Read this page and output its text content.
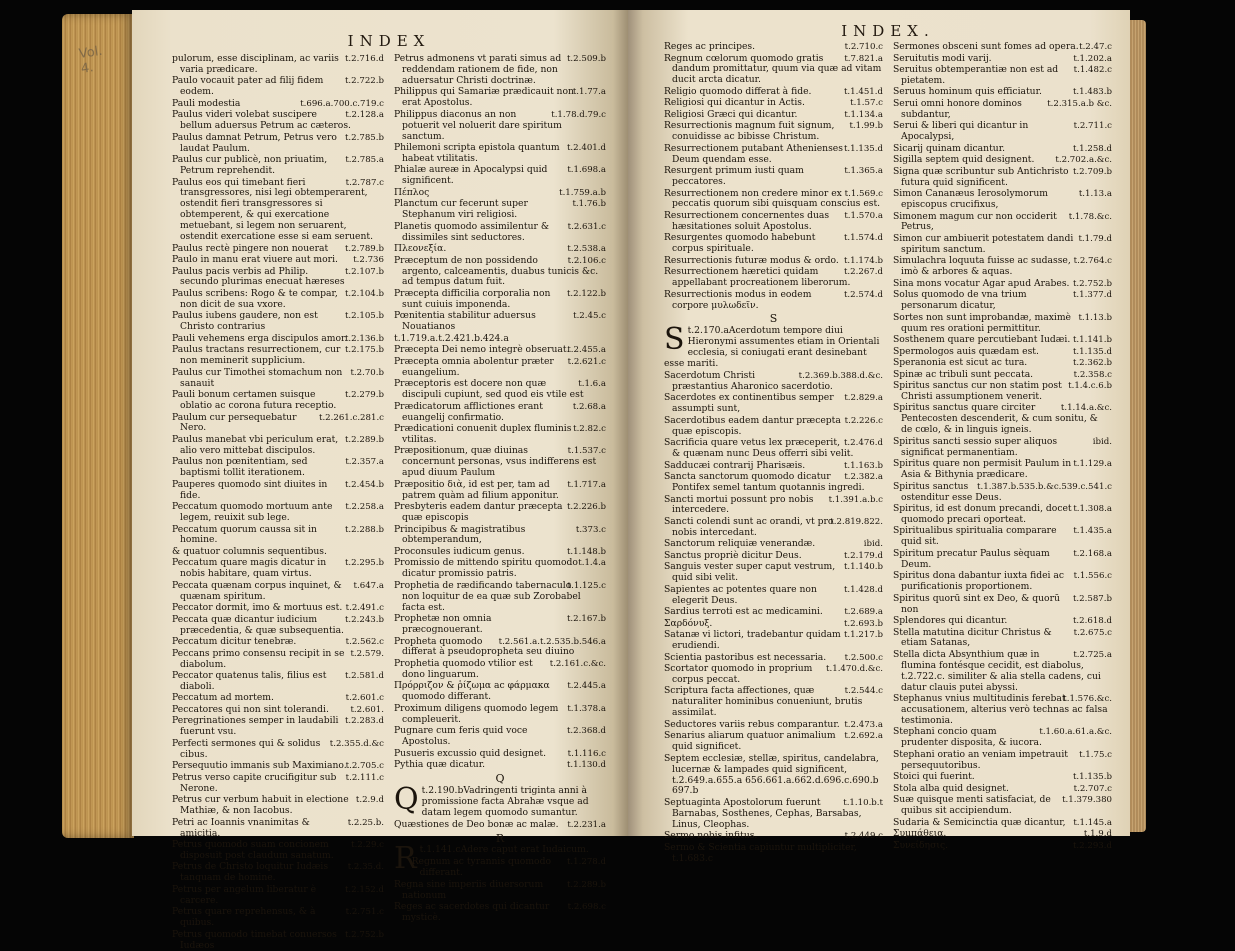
Vol. 4.
INDEX
t.2.716.d
pulorum, esse disciplinam, ac variis varia prædicare.
t.2.722.b
Paulo vocauit pater ad filij fidem eodem.
t.696.a.700.c.719.c
Pauli modestia
t.2.128.a
Paulus videri volebat suscipere bellum aduersus Petrum ac cæteros.
t.2.785.b
Paulus damnat Petrum, Petrus vero laudat Paulum.
t.2.785.a
Paulus cur publicè, non priuatim, Petrum reprehendit.
t.2.787.c
Paulus eos qui timebant fieri transgressores, nisi legi obtemperarent, ostendit fieri transgressores si obtemperent, & qui exercatione metuebant, si legem non seruarent, ostendit exercatione esse si eam seruent.
t.2.789.b
Paulus rectè pingere non nouerat
t.2.736
Paulo in manu erat viuere aut mori.
t.2.107.b
Paulus pacis verbis ad Philip. secundo plurimas enecuat hæreses
t.2.104.b
Paulus scribens: Rogo & te compar, non dicit de sua vxore.
t.2.105.b
Paulus iubens gaudere, non est Christo contrarius
t.2.136.b
Pauli vehemens erga discipulos amor.
t.2.175.b
Paulus tractans resurrectionem, cur non meminerit supplicium.
t.2.70.b
Paulus cur Timothei stomachum non sanauit
t.2.279.b
Pauli bonum certamen suisque oblatio ac corona futura receptio.
t.2.261.c.281.c
Paulum cur persequebatur Nero.
t.2.289.b
Paulus manebat vbi periculum erat, alio vero mittebat discipulos.
t.2.357.a
Paulus non pœnitentiam, sed baptismi tollit iterationem.
t.2.454.b
Pauperes quomodo sint diuites in fide.
t.2.258.a
Peccatum quomodo mortuum ante legem, reuixit sub lege.
t.2.288.b
Peccatum quorum caussa sit in homine.
& quatuor columnis sequentibus.
t.2.295.b
Peccatum quare magis dicatur in nobis habitare, quam virtus.
t.647.a
Peccata quænam corpus inquinet, & quænam spiritum.
t.2.491.c
Peccator dormit, imo & mortuus est.
t.2.243.b
Peccata quæ dicantur iudicium præcedentia, & quæ subsequentia.
t.2.562.c
Peccatum dicitur tenebræ.
t.2.579.
Peccans primo consensu recipit in se diabolum.
t.2.581.d
Peccator quatenus talis, filius est diaboli.
t.2.601.c
Peccatum ad mortem.
t.2.601.
Peccatores qui non sint tolerandi.
t.2.283.d
Peregrinationes semper in laudabili fuerunt vsu.
t.2.355.d.&c
Perfecti sermones qui & solidus cibus.
t.2.705.c
Persequutio immanis sub Maximiano.
t.2.111.c
Petrus verso capite crucifigitur sub Nerone.
t.2.9.d
Petrus cur verbum habuit in electione Mathiæ, & non Iacobus.
t.2.25.b.
Petri ac Ioannis vnanimitas & amicitia.
t.2.29.c
Petrus quomodo suam concionem disposuit post claudum sanatum.
t.2.35.d.
Petrus de Christo loquitur Iudæis tanquam de homine.
t.2.152.d
Petrus per angelum liberatur è carcere.
t.2.751.c
Petrus quare reprehensus, & à quibus.
t.2.752.b
Petrus quomodo timebat conuersos Iudæos
t.2.509.b
Petrus admonens vt parati simus ad reddendam rationem de fide, non aduersatur Christi doctrinæ.
t.1.77.a
Philippus qui Samariæ prædicauit non erat Apostolus.
t.1.78.d.79.c
Philippus diaconus an non potuerit vel noluerit dare spiritum sanctum.
t.2.401.d
Philemoni scripta epistola quantum habeat vtilitatis.
t.1.698.a
Phialæ aureæ in Apocalypsi quid significent.
t.1.759.a.b
Πέπλος
t.1.76.b
Planctum cur fecerunt super Stephanum viri religiosi.
t.2.631.c
Planetis quomodo assimilentur & dissimiles sint seductores.
t.2.538.a
Πλεονεξία.
t.2.106.c
Præceptum de non possidendo argento, calceamentis, duabus tunicis &c. ad tempus datum fuit.
t.2.122.b
Præcepta difficilia corporalia non sunt cuiuis imponenda.
t.2.45.c
Pœnitentia stabilitur aduersus Nouatianos
t.1.719.a.t.2.421.b.424.a
t.2.455.a
Præcepta Dei nemo integrè obseruat.
t.2.621.c
Præcepta omnia abolentur præter euangelium.
t.1.6.a
Præceptoris est docere non quæ discipuli cupiunt, sed quod eis vtile est
t.2.68.a
Prædicatorum afflictiones erant euangelij confirmatio.
t.2.82.c
Prædicationi conuenit duplex fluminis vtilitas.
t.1.537.c
Præpositionum, quæ diuinas concernunt personas, vsus indifferens est apud diuum Paulum
t.1.717.a
Præpositio διὰ, id est per, tam ad patrem quàm ad filium apponitur.
t.2.226.b
Presbyteris eadem dantur præcepta quæ episcopis
t.373.c
Principibus & magistratibus obtemperandum,
t.1.148.b
Proconsules iudicum genus.
t.1.4.a
Promissio de mittendo spiritu quomodo dicatur promissio patris.
t.1.125.c
Prophetia de rædificando tabernaculo non loquitur de ea quæ sub Zorobabel facta est.
t.2.167.b
Prophetæ non omnia præcognouerant.
t.2.561.a.t.2.535.b.546.a
Propheta quomodo differat à pseudopropheta seu diuino
t.2.161.c.&c.
Prophetia quomodo vtilior est dono linguarum.
t.2.445.a
Πρόρριζον & ῥίζωμα ac φάρμακα quomodo differant.
t.1.378.a
Proximum diligens quomodo legem compleuerit.
t.2.368.d
Pugnare cum feris quid voce Apostolus.
t.1.116.c
Pusueris excussio quid designet.
t.1.130.d
Pythia quæ dicatur.
Q
Qt.2.190.bVadringenti triginta anni à promissione facta Abrahæ vsque ad datam legem quomodo sumantur.
t.2.231.a
Quæstiones de Deo bonæ ac malæ.
R
Rt.1.141.cAdere caput erat Iudaicum.
t.1.278.d
Regnum ac tyrannis quomodo differant.
t.2.289.b
Regna sine imperiis diuersorum nationum
t.2.698.c
Reges ac sacerdotes qui dicantur mysticè.
INDEX.
t.2.710.c
Reges ac principes.
t.7.821.a
Regnum cœlorum quomodo gratis dandum promittatur, quum via quæ ad vitam ducit arcta dicatur.
t.1.451.d
Religio quomodo differat à fide.
t.1.57.c
Religiosi qui dicantur in Actis.
t.1.134.a
Religiosi Græci qui dicantur.
t.1.99.b
Resurrectionis magnum fuit signum, conuidisse ac bibisse Christum.
t.1.135.d
Resurrectionem putabant Athenienses Deum quendam esse.
t.1.365.a
Resurgent primum iusti quam peccatores.
t.1.569.c
Resurrectionem non credere minor ex peccatis quorum sibi quisquam conscius est.
t.1.570.a
Resurrectionem concernentes duas hæsitationes soluit Apostolus.
t.1.574.d
Resurgentes quomodo habebunt corpus spirituale.
t.1.174.b
Resurrectionis futuræ modus & ordo.
t.2.267.d
Resurrectionem hæretici quidam appellabant procreationem liberorum.
t.2.574.d
Resurrectionis modus in eodem corpore μυλωδεῖν.
S
St.2.170.aAcerdotum tempore diui Hieronymi assumentes etiam in Orientali ecclesia, si coniugati erant desinebant esse mariti.
t.2.369.b.388.d.&c.
Sacerdotum Christi præstantius Aharonico sacerdotio.
t.2.829.a
Sacerdotes ex continentibus semper assumpti sunt,
t.2.226.c
Sacerdotibus eadem dantur præcepta quæ episcopis.
t.2.476.d
Sacrificia quare vetus lex præceperit, & quænam nunc Deus offerri sibi velit.
t.1.163.b
Sadducæi contrarij Pharisæis.
t.2.382.a
Sancta sanctorum quomodo dicatur Pontifex semel tantum quotannis ingredi.
t.1.391.a.b.c
Sancti mortui possunt pro nobis intercedere.
t.2.819.822.
Sancti colendi sunt ac orandi, vt pro nobis intercedant.
ibid.
Sanctorum reliquiæ venerandæ.
t.2.179.d
Sanctus propriè dicitur Deus.
t.1.140.b
Sanguis vester super caput vestrum, quid sibi velit.
t.1.428.d
Sapientes ac potentes quare non elegerit Deus.
t.2.689.a
Sardius terroti est ac medicamini.
t.2.693.b
Σαρδόνυξ.
t.1.217.b
Satanæ vi lictori, tradebantur quidam erudiendi.
t.2.500.c
Scientia pastoribus est necessaria.
t.1.470.d.&c.
Scortator quomodo in proprium corpus peccat.
t.2.544.c
Scriptura facta affectiones, quæ naturaliter hominibus conueniunt, brutis assimilat.
t.2.473.a
Seductores variis rebus comparantur.
t.2.692.a
Senarius aliarum quatuor animalium quid significet.
Septem ecclesiæ, stellæ, spiritus, candelabra, lucernæ & lampades quid significent, t.2.649.a.655.a 656.661.a.662.d.696.c.690.b 697.b
t.1.10.b.t
Septuaginta Apostolorum fuerunt Barnabas, Sosthenes, Cephas, Barsabas, Linus, Cleophas.
t.2.449.c
Sermo nobis infitus.
Sermo & Scientia capiuntur multipliciter, t.1.683.c
t.2.47.c
Sermones obsceni sunt fomes ad opera.
t.1.202.a
Seruitutis modi varij.
t.1.482.c
Seruitus obtemperantiæ non est ad pietatem.
t.1.483.b
Seruus hominum quis efficiatur.
t.2.315.a.b &c.
Serui omni honore dominos subdantur,
t.2.711.c
Serui & liberi qui dicantur in Apocalypsi,
t.1.258.d
Sicarij quinam dicantur.
t.2.702.a.&c.
Sigilla septem quid designent.
t.2.709.b
Signa quæ scribuntur sub Antichristo futura quid significent.
t.1.13.a
Simon Cananæus Ierosolymorum episcopus crucifixus,
t.1.78.&c.
Simonem magum cur non occiderit Petrus,
t.1.79.d
Simon cur ambiuerit potestatem dandi spiritum sanctum.
t.2.764.c
Simulachra loquuta fuisse ac sudasse, imò & arbores & aquas.
t.2.752.b
Sina mons vocatur Agar apud Arabes.
t.1.377.d
Solus quomodo de vna trium personarum dicatur,
t.1.13.b
Sortes non sunt improbandæ, maximè quum res orationi permittitur.
t.1.141.b
Sosthenem quare percutiebant Iudæi.
t.1.135.d
Spermologos auis quædam est.
t.2.362.b
Speranonia est sicut ac tura.
t.2.358.c
Spinæ ac tribuli sunt peccata.
t.1.4.c.6.b
Spiritus sanctus cur non statim post Christi assumptionem venerit.
t.1.14.a.&c.
Spiritus sanctus quare circiter Pentecosten descenderit, & cum sonitu, & de cœlo, & in linguis igneis.
ibid.
Spiritus sancti sessio super aliquos significat permanentiam.
t.1.129.a
Spiritus quare non permisit Paulum in Asia & Bithynia prædicare.
t.1.387.b.535.b.&c.539.c.541.c
Spiritus sanctus ostenditur esse Deus.
t.1.308.a
Spiritus, id est donum precandi, docet quomodo precari oporteat.
t.1.435.a
Spiritualibus spiritualia comparare quid sit.
t.2.168.a
Spiritum precatur Paulus sèquam Deum.
t.1.556.c
Spiritus dona dabantur iuxta fidei ac purificationis proportionem.
t.2.587.b
Spiritus quorū sint ex Deo, & quorū non
t.2.618.d
Splendores qui dicantur.
t.2.675.c
Stella matutina dicitur Christus & etiam Satanas,
t.2.725.a
Stella dicta Absynthium quæ in flumina fontésque cecidit, est diabolus, t.2.722.c. similiter & alia stella cadens, cui datur clauis putei abyssi.
t.1.576.&c.
Stephanus vnius multitudinis ferebat accusationem, alterius verò technas ac falsa testimonia.
t.1.60.a.61.a.&c.
Stephani concio quam prudenter disposita, & iucora.
t.1.75.c
Stephani oratio an veniam impetrauit persequutoribus.
t.1.135.b
Stoici qui fuerint.
t.2.707.c
Stola alba quid designet.
t.1.379.380
Suæ quisque menti satisfaciat, de quibus sit accipiendum.
t.1.145.a
Sudaria & Semicinctia quæ dicantur,
t.1.9.d
Συμπάθεια.
t.2.293.d
Συνείδησις.
